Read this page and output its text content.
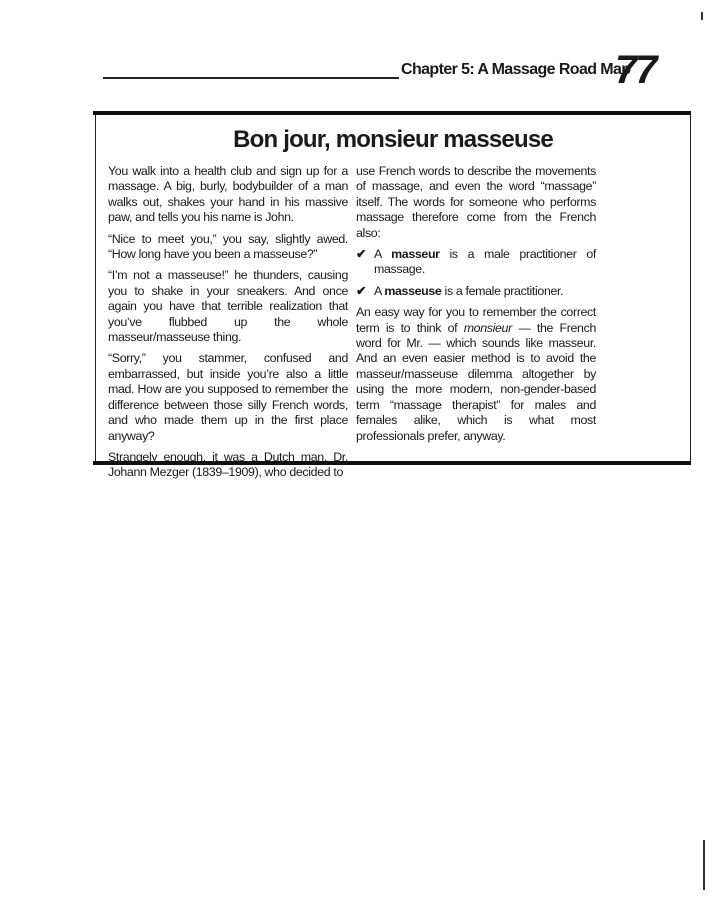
Chapter 5: A Massage Road Map
77
Bon jour, monsieur masseuse

You walk into a health club and sign up for a massage. A big, burly, bodybuilder of a man walks out, shakes your hand in his massive paw, and tells you his name is John.

“Nice to meet you,” you say, slightly awed. “How long have you been a masseuse?”

“I’m not a masseuse!” he thunders, causing you to shake in your sneakers. And once again you have that terrible realization that you’ve flubbed up the whole masseur/masseuse thing.

“Sorry,” you stammer, confused and embarrassed, but inside you’re also a little mad. How are you supposed to remember the difference between those silly French words, and who made them up in the first place anyway?

Strangely enough, it was a Dutch man, Dr. Johann Mezger (1839–1909), who decided to

use French words to describe the movements of massage, and even the word “massage” itself. The words for someone who performs massage therefore come from the French also:

✔ A masseur is a male practitioner of massage.
✔ A masseuse is a female practitioner.

An easy way for you to remember the correct term is to think of monsieur — the French word for Mr. — which sounds like masseur. And an even easier method is to avoid the masseur/masseuse dilemma altogether by using the more modern, non-gender-based term “massage therapist” for males and females alike, which is what most professionals prefer, anyway.
